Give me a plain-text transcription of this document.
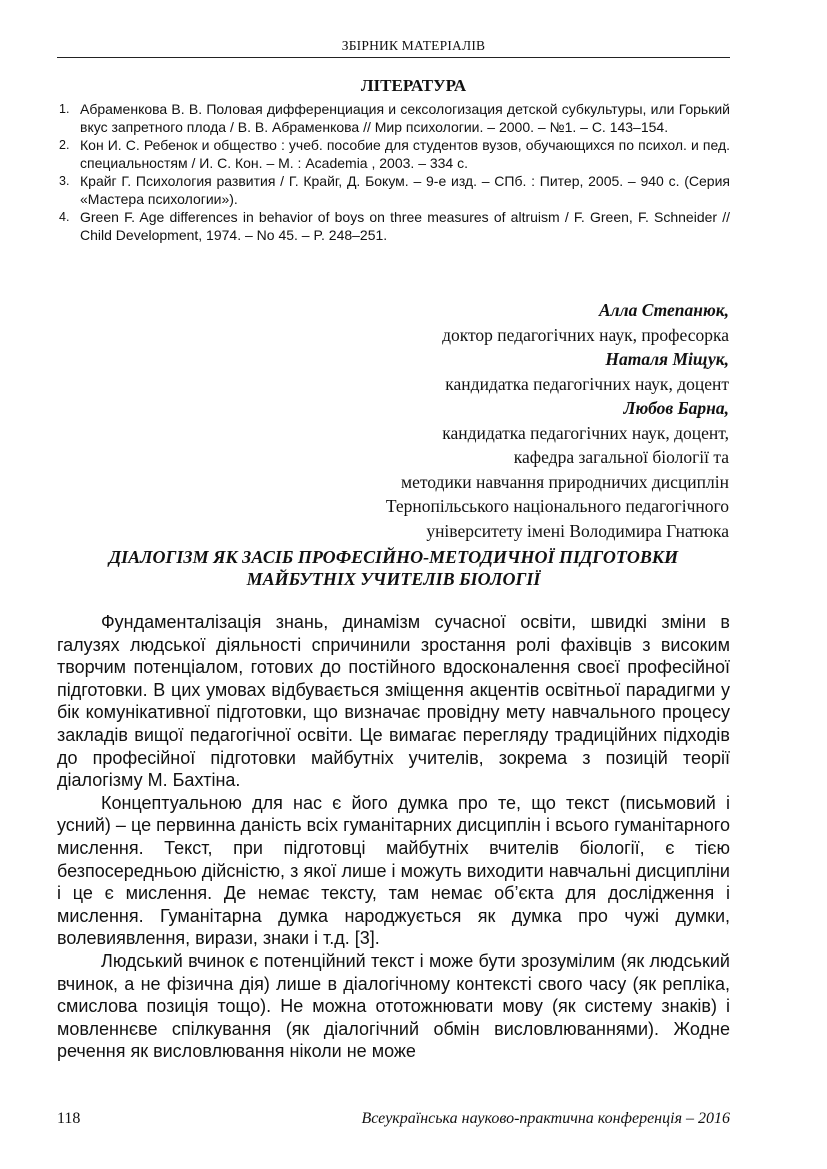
ЗБІРНИК МАТЕРІАЛІВ
ЛІТЕРАТУРА
1. Абраменкова В. В. Половая дифференциация и сексологизация детской субкультуры, или Горький вкус запретного плода / В. В. Абраменкова // Мир психологии. – 2000. – №1. – С. 143–154.
2. Кон И. С. Ребенок и общество : учеб. пособие для студентов вузов, обучающихся по психол. и пед. специальностям / И. С. Кон. – М. : Academia , 2003. – 334 с.
3. Крайг Г. Психология развития / Г. Крайг, Д. Бокум. – 9-е изд. – СПб. : Питер, 2005. – 940 с. (Серия «Мастера психологии»).
4. Green F. Age differences in behavior of boys on three measures of altruism / F. Green, F. Schneider // Child Development, 1974. – No 45. – P. 248–251.
Алла Степанюк,
доктор педагогічних наук, професорка
Наталя Міщук,
кандидатка педагогічних наук, доцент
Любов Барна,
кандидатка педагогічних наук, доцент,
кафедра загальної біології та
методики навчання природничих дисциплін
Тернопільського національного педагогічного
університету імені Володимира Гнатюка
ДІАЛОГІЗМ ЯК ЗАСІБ ПРОФЕСІЙНО-МЕТОДИЧНОЇ ПІДГОТОВКИ
МАЙБУТНІХ УЧИТЕЛІВ БІОЛОГІЇ

Фундаменталізація знань, динамізм сучасної освіти, швидкі зміни в галузях людської діяльності спричинили зростання ролі фахівців з високим творчим потенціалом, готових до постійного вдосконалення своєї професійної підготовки. В цих умовах відбувається зміщення акцентів освітньої парадигми у бік комунікативної підготовки, що визначає провідну мету навчального процесу закладів вищої педагогічної освіти. Це вимагає перегляду традиційних підходів до професійної підготовки майбутніх учителів, зокрема з позицій теорії діалогізму М. Бахтіна.

Концептуальною для нас є його думка про те, що текст (письмовий і усний) – це первинна даність всіх гуманітарних дисциплін і всього гуманітарного мислення. Текст, при підготовці майбутніх вчителів біології, є тією безпосередньою дійсністю, з якої лише і можуть виходити навчальні дисципліни і це є мислення. Де немає тексту, там немає об’єкта для дослідження і мислення. Гуманітарна думка народжується як думка про чужі думки, волевиявлення, вирази, знаки і т.д. [3].

Людський вчинок є потенційний текст і може бути зрозумілим (як людський вчинок, а не фізична дія) лише в діалогічному контексті свого часу (як репліка, смислова позиція тощо). Не можна ототожнювати мову (як систему знаків) і мовленнєве спілкування (як діалогічний обмін висловлюваннями). Жодне речення як висловлювання ніколи не може

118	Всеукраїнська науково-практична конференція – 2016
